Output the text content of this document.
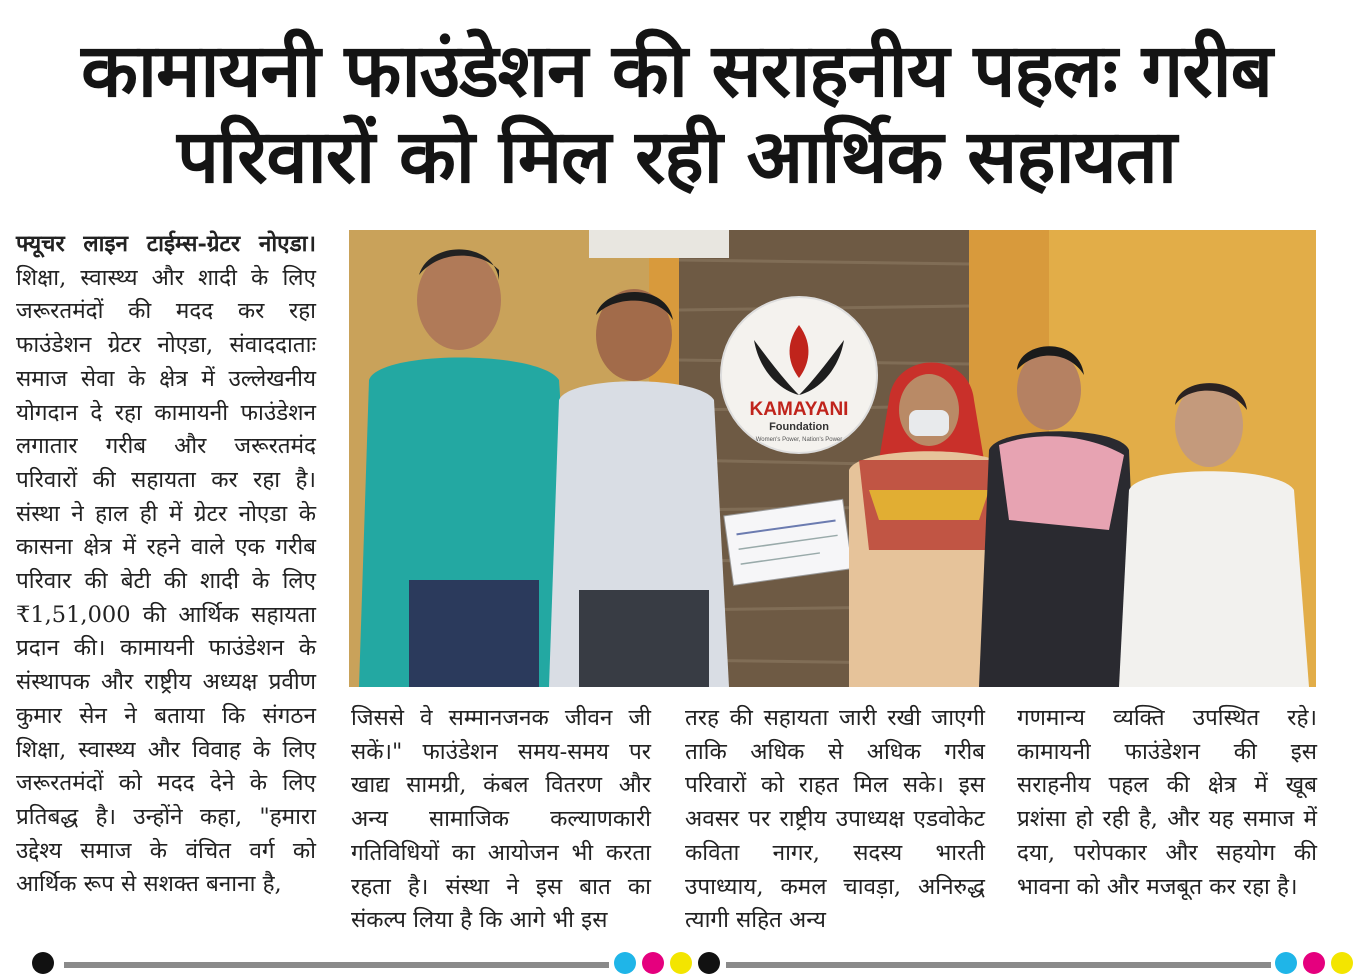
कामायनी फाउंडेशन की सराहनीय पहलः गरीब
परिवारों को मिल रही आर्थिक सहायता

फ्यूचर लाइन टाईम्स-ग्रेटर नोएडा। शिक्षा, स्वास्थ्य और शादी के लिए जरूरतमंदों की मदद कर रहा फाउंडेशन ग्रेटर नोएडा, संवाददाताः समाज सेवा के क्षेत्र में उल्लेखनीय योगदान दे रहा कामायनी फाउंडेशन लगातार गरीब और जरूरतमंद परिवारों की सहायता कर रहा है। संस्था ने हाल ही में ग्रेटर नोएडा के कासना क्षेत्र में रहने वाले एक गरीब परिवार की बेटी की शादी के लिए ₹1,51,000 की आर्थिक सहायता प्रदान की। कामायनी फाउंडेशन के संस्थापक और राष्ट्रीय अध्यक्ष प्रवीण कुमार सेन ने बताया कि संगठन शिक्षा, स्वास्थ्य और विवाह के लिए जरूरतमंदों को मदद देने के लिए प्रतिबद्ध है। उन्होंने कहा, "हमारा उद्देश्य समाज के वंचित वर्ग को आर्थिक रूप से सशक्त बनाना है,

KAMAYANI
Foundation
Women's Power, Nation's Power

जिससे वे सम्मानजनक जीवन जी सकें।" फाउंडेशन समय-समय पर खाद्य सामग्री, कंबल वितरण और अन्य सामाजिक कल्याणकारी गतिविधियों का आयोजन भी करता रहता है। संस्था ने इस बात का संकल्प लिया है कि आगे भी इस

तरह की सहायता जारी रखी जाएगी ताकि अधिक से अधिक गरीब परिवारों को राहत मिल सके। इस अवसर पर राष्ट्रीय उपाध्यक्ष एडवोकेट कविता नागर, सदस्य भारती उपाध्याय, कमल चावड़ा, अनिरुद्ध त्यागी सहित अन्य

गणमान्य व्यक्ति उपस्थित रहे। कामायनी फाउंडेशन की इस सराहनीय पहल की क्षेत्र में खूब प्रशंसा हो रही है, और यह समाज में दया, परोपकार और सहयोग की भावना को और मजबूत कर रहा है।
